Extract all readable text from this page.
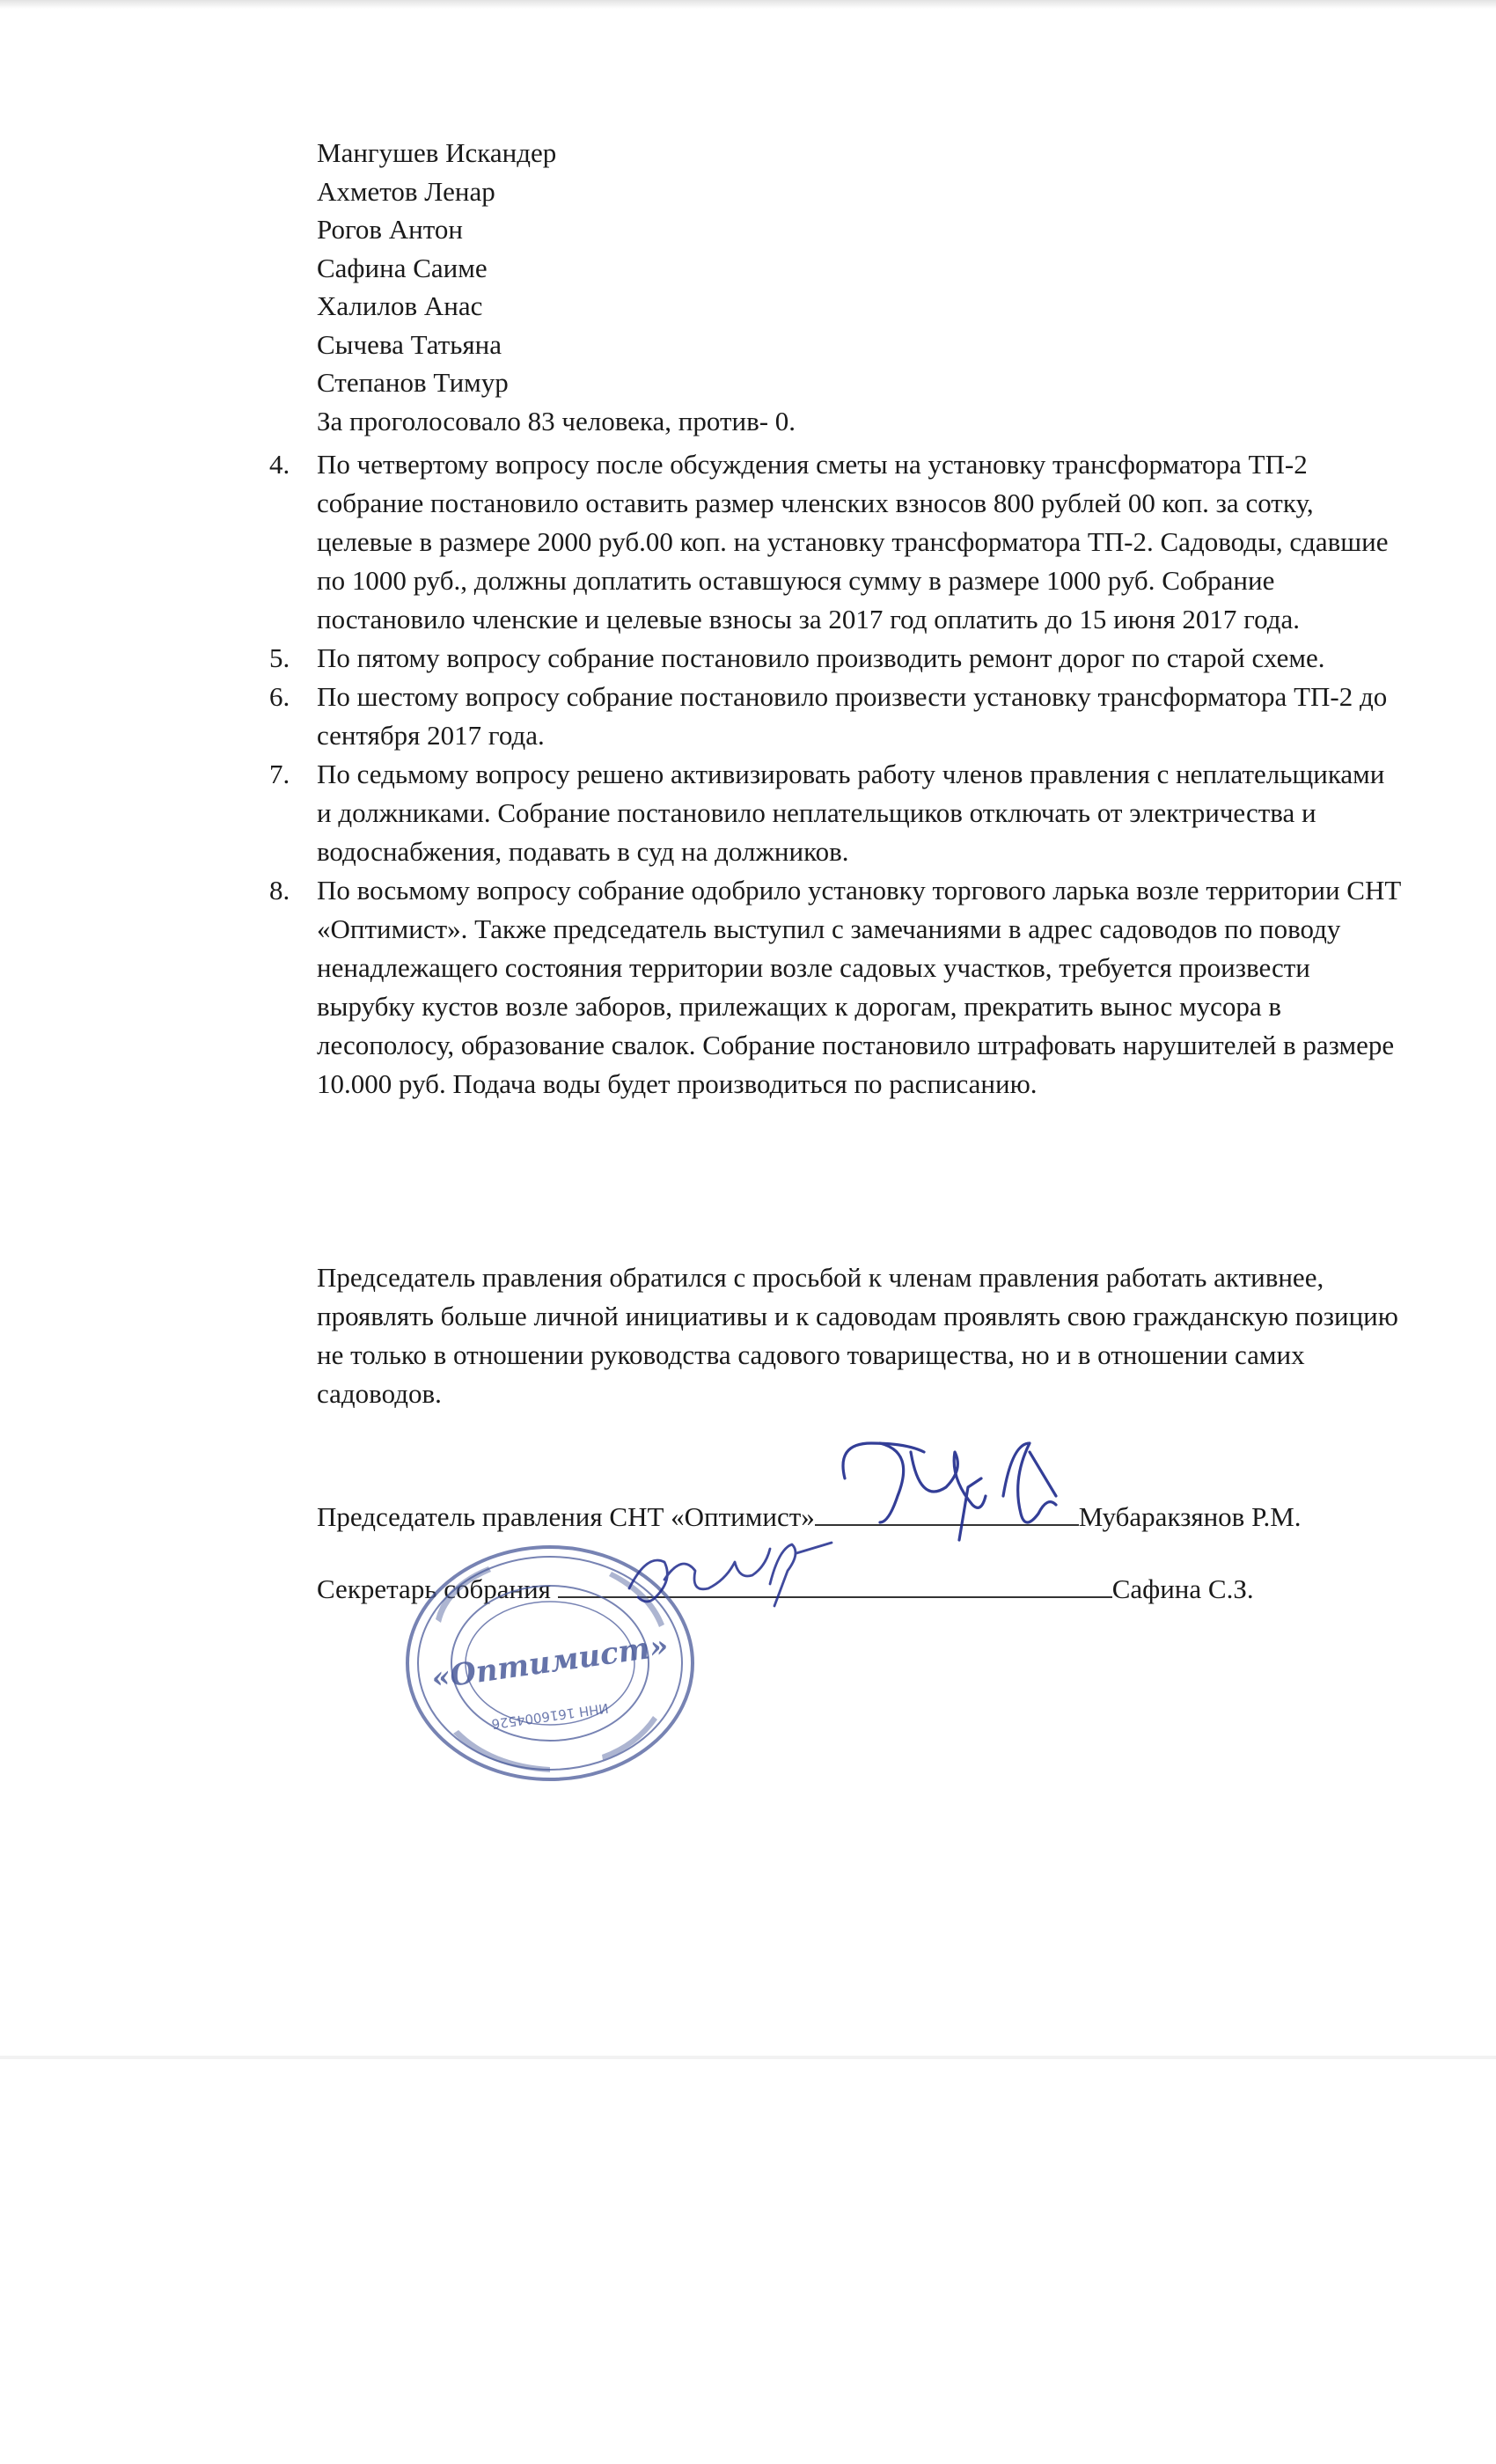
Мангушев Искандер
Ахметов Ленар
Рогов Антон
Сафина Саиме
Халилов Анас
Сычева Татьяна
Степанов Тимур
За проголосовало 83 человека, против- 0.
4. По четвертому вопросу после обсуждения сметы на установку трансформатора ТП-2 собрание постановило оставить размер членских взносов 800 рублей 00 коп. за сотку, целевые в размере 2000 руб.00 коп. на установку трансформатора ТП-2. Садоводы, сдавшие по 1000 руб., должны доплатить оставшуюся сумму в размере 1000 руб. Собрание постановило членские и целевые взносы за 2017 год оплатить до 15 июня 2017 года.
5. По пятому вопросу собрание постановило производить ремонт дорог по старой схеме.
6. По шестому вопросу собрание постановило произвести установку трансформатора ТП-2 до сентября 2017 года.
7. По седьмому вопросу решено активизировать работу членов правления с неплательщиками и должниками. Собрание постановило неплательщиков отключать от электричества и водоснабжения, подавать в суд на должников.
8. По восьмому вопросу собрание одобрило установку торгового ларька возле территории СНТ «Оптимист». Также председатель выступил с замечаниями в адрес садоводов по поводу ненадлежащего состояния территории возле садовых участков, требуется произвести вырубку кустов возле заборов, прилежащих к дорогам, прекратить вынос мусора в лесополосу, образование свалок. Собрание постановило штрафовать нарушителей в размере 10.000 руб. Подача воды будет производиться по расписанию.
Председатель правления обратился с просьбой к членам правления работать активнее, проявлять больше личной инициативы и к садоводам проявлять свою гражданскую позицию не только в отношении руководства садового товарищества, но и в отношении самих садоводов.
Председатель правления СНТ «Оптимист»	Мубаракзянов Р.М.
Секретарь собрания	Сафина С.З.
«Оптимист»
ИНН 1616004526
